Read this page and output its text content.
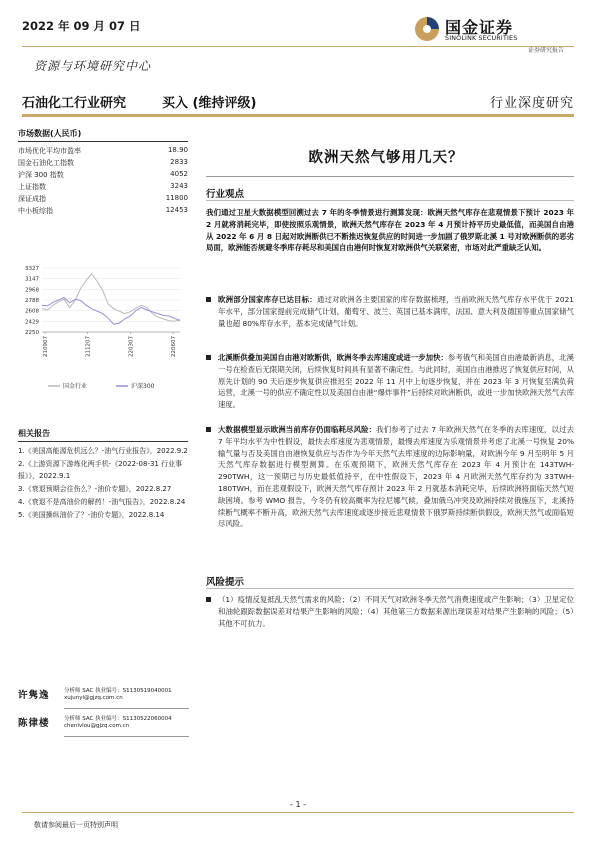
2022 年 09 月 07 日	国金证券
SINOLINK SECURITIES
证券研究报告
资源与环境研究中心
石油化工行业研究	买入 (维持评级)	行业深度研究
市场数据(人民币)
市场优化平均市盈率	18.90
国金石油化工指数	2833
沪深 300 指数	4052
上证指数	3243
深证成指	11800
中小板综指	12453
3327
3147
2968
2788
2608
2429
2250
210907	211207	220307	220607
国金行业	沪深300
相关报告
1.《美国高能源危机远么？-油气行业报告》，2022.9.2
2.《上游资源下游炼化两手机-《2022-08-31 行业事报》》，2022.9.1
3.《衰退预期会往伤么？-油价专题》，2022.8.27
4.《衰退不是高油价的解药！-油气报告》，2022.8.24
5.《美国操纵油价了？-油价专题》，2022.8.14
许隽逸	分析师 SAC 执业编号：S1130519040001
xujunyi@gjzq.com.cn
陈律楼	分析师 SAC 执业编号：S1130522060004
chenlvlou@gjzq.com.cn
欧洲天然气够用几天？
行业观点
我们通过卫星大数据模型回溯过去 7 年的冬季情景进行测算发现：欧洲天然气库存在悲观情景下预计 2023 年 2 月就将消耗完毕，即使按照乐观情景，欧洲天然气库存在 2023 年 4 月预计持平历史最低值，而美国自由港从 2022 年 6 月 8 日起对欧洲断供已不断推迟恢复供应的时间进一步加剧了俄罗斯北溪 1 号对欧洲断供的恶劣局面，欧洲能否规避冬季库存耗尽和美国自由港何时恢复对欧洲供气关联紧密，市场对此严重缺乏认知。
欧洲部分国家库存已达目标：通过对欧洲各主要国家的库存数据梳理，当前欧洲天然气库存水平优于 2021 年水平，部分国家提前完成储气计划，葡萄牙、波兰、英国已基本满库，法国、意大利及德国等重点国家储气量也超 80%库存水平，基本完成储气计划。
北溪断供叠加美国自由港对欧断供，欧洲冬季去库速度或进一步加快：参考俄气和美国自由港最新消息，北溪一号在检查后无限期关闭，后续恢复时间具有显著不确定性。与此同时，美国自由港推迟了恢复供应时间，从原先计划的 90 天后逐步恢复供应推迟至 2022 年 11 月中上旬逐步恢复，并在 2023 年 3 月恢复至满负荷运营，北溪一号的供应不确定性以及美国自由港“爆炸事件”后持续对欧洲断供，或进一步加快欧洲天然气去库速度。
大数据模型显示欧洲当前库存仍面临耗尽风险：我们参考了过去 7 年欧洲天然气在冬季的去库速度，以过去 7 年平均水平为中性假设，最快去库速度为悲观情景，最慢去库速度为乐观情景并考虑了北溪一号恢复 20%输气量与否及美国自由港恢复供应与否作为今年天然气去库速度的边际影响量，对欧洲今年 9 月至明年 5 月天然气库存数据进行模型测算。在乐观预期下，欧洲天然气库存在 2023 年 4 月预计在 143TWH-290TWH，这一预期已与历史最低值持平，在中性假设下，2023 年 4 月欧洲天然气库存约为 33TWH-180TWH，而在悲观假设下，欧洲天然气库存预计 2023 年 2 月就基本消耗完毕，后续欧洲将面临天然气短缺困境。参考 WMO 报告，今冬仍有较高概率为拉尼娜气候，叠加俄乌冲突及欧洲持续对俄施压下，北溪持续断气概率不断升高，欧洲天然气去库速度或逐步接近悲观情景下俄罗斯持续断供假设，欧洲天然气或面临短尽风险。
风险提示
（1）疫情反复抵乱天然气需求的风险；（2）不同天气对欧洲冬季天然气消费速度或产生影响；（3）卫星定位和油轮跟踪数据误差对结果产生影响的风险；（4）其他第三方数据来源出现误差对结果产生影响的风险；（5）其他不可抗力。
- 1 -
敬请参阅最后一页特别声明
